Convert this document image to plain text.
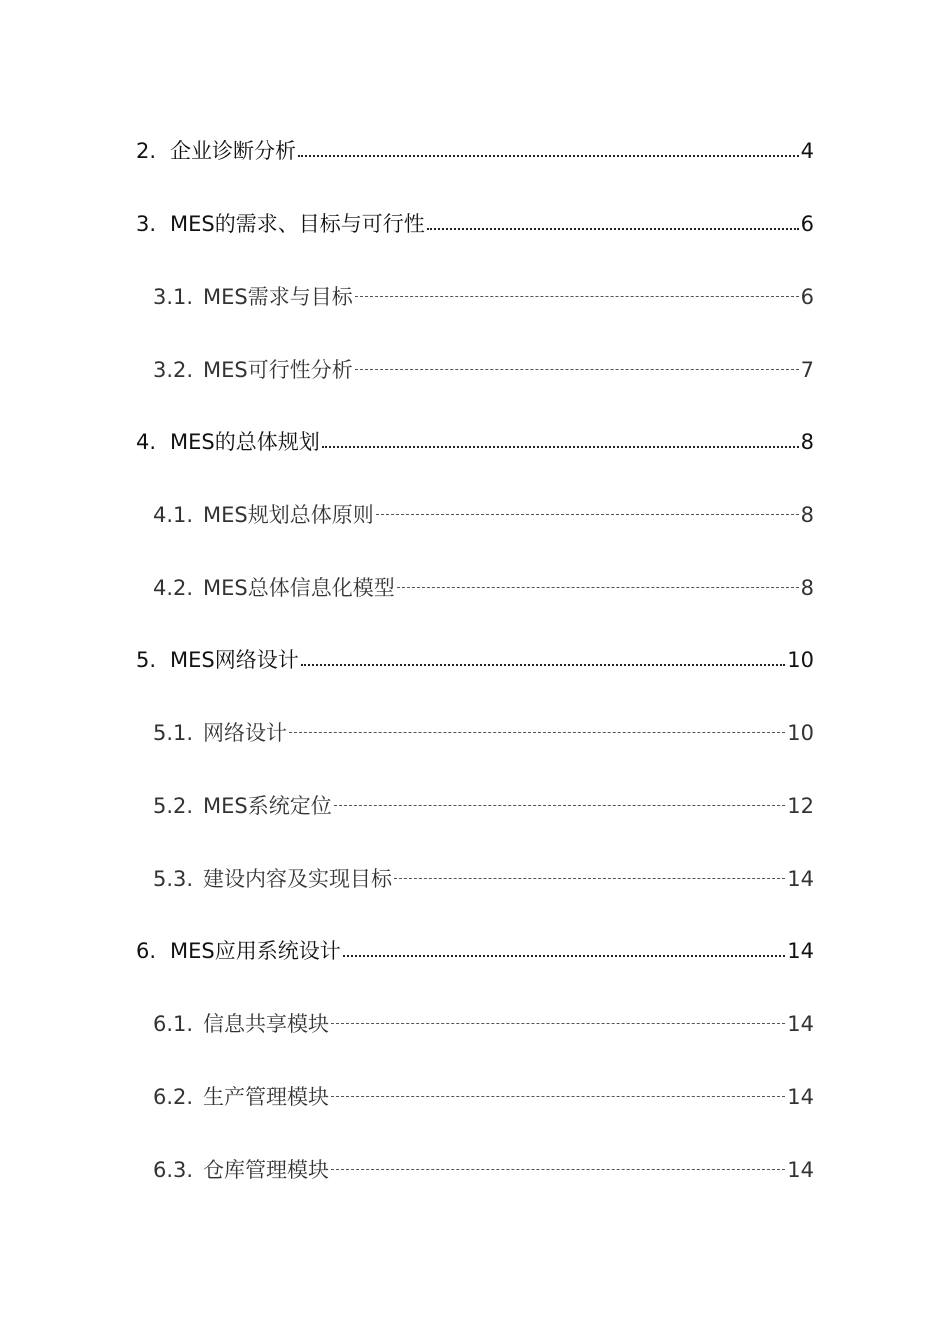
2. 企业诊断分析	4
3. MES的需求、目标与可行性	6
3.1. MES需求与目标	6
3.2. MES可行性分析	7
4. MES的总体规划	8
4.1. MES规划总体原则	8
4.2. MES总体信息化模型	8
5. MES网络设计	10
5.1. 网络设计	10
5.2. MES系统定位	12
5.3. 建设内容及实现目标	14
6. MES应用系统设计	14
6.1. 信息共享模块	14
6.2. 生产管理模块	14
6.3. 仓库管理模块	14
